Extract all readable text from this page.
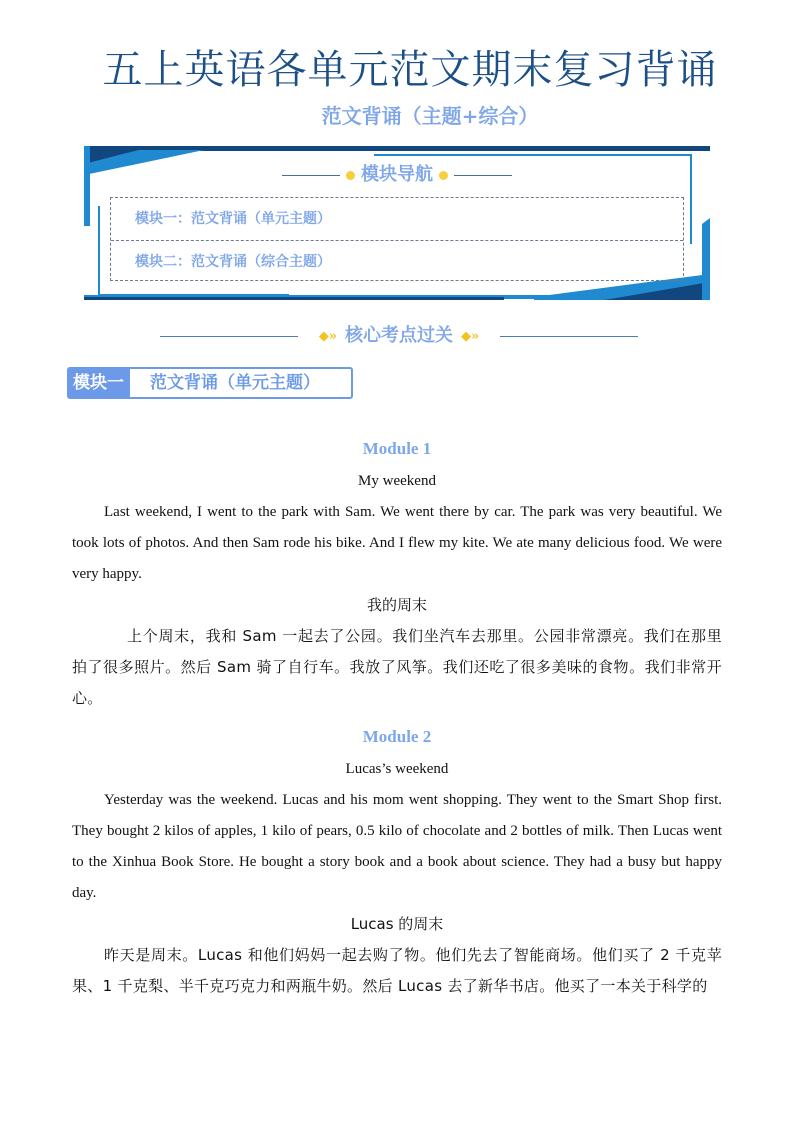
五上英语各单元范文期末复习背诵
范文背诵（主题+综合）
模块导航
模块一：范文背诵（单元主题）
模块二：范文背诵（综合主题）
◆» 核心考点过关 ◆»
模块一	范文背诵（单元主题）
Module 1

My weekend

Last weekend, I went to the park with Sam. We went there by car. The park was very beautiful. We took lots of photos. And then Sam rode his bike. And I flew my kite. We ate many delicious food. We were very happy.

我的周末

上个周末，我和 Sam 一起去了公园。我们坐汽车去那里。公园非常漂亮。我们在那里拍了很多照片。然后 Sam 骑了自行车。我放了风筝。我们还吃了很多美味的食物。我们非常开心。

Module 2

Lucas’s weekend

Yesterday was the weekend. Lucas and his mom went shopping. They went to the Smart Shop first. They bought 2 kilos of apples, 1 kilo of pears, 0.5 kilo of chocolate and 2 bottles of milk. Then Lucas went to the Xinhua Book Store. He bought a story book and a book about science. They had a busy but happy day.

Lucas 的周末

昨天是周末。Lucas 和他们妈妈一起去购了物。他们先去了智能商场。他们买了 2 千克苹果、1 千克梨、半千克巧克力和两瓶牛奶。然后 Lucas 去了新华书店。他买了一本关于科学的
